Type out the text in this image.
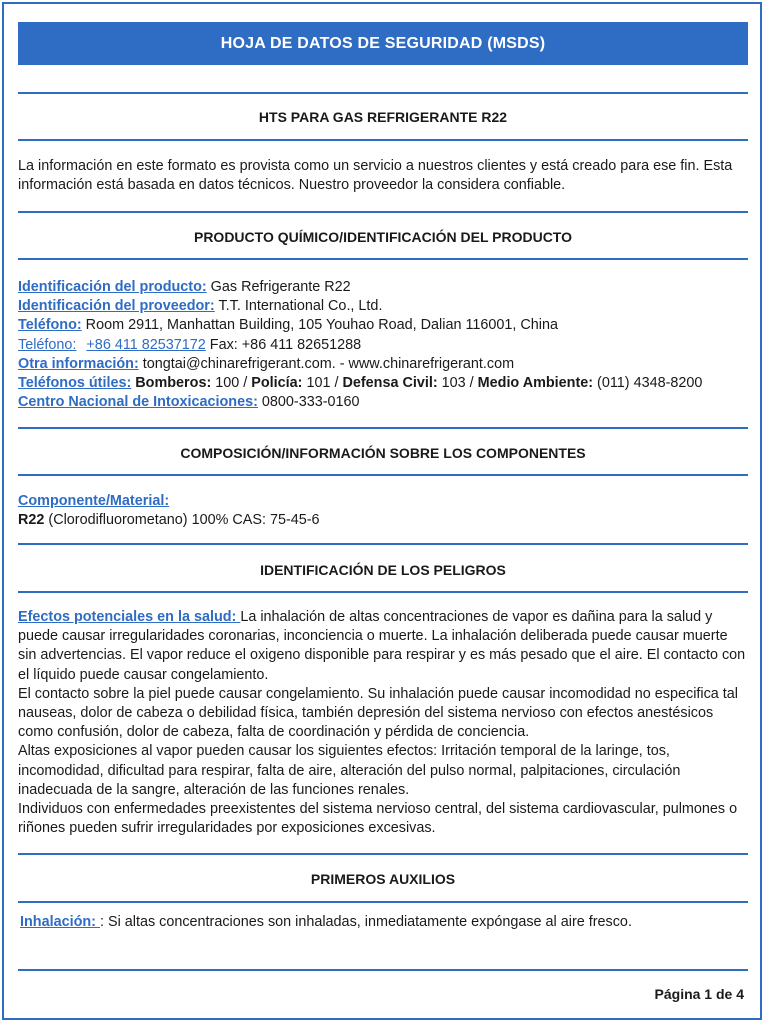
HOJA DE DATOS DE SEGURIDAD (MSDS)
HTS PARA GAS REFRIGERANTE R22

La información en este formato es provista como un servicio a nuestros clientes y está creado para ese fin. Esta información está basada en datos técnicos. Nuestro proveedor la considera confiable.

PRODUCTO QUÍMICO/IDENTIFICACIÓN DEL PRODUCTO

Identificación del producto: Gas Refrigerante R22

Identificación del proveedor: T.T. International Co., Ltd.

Teléfono: Room 2911, Manhattan Building, 105 Youhao Road, Dalian 116001, China

Teléfono: +86 411 82537172 Fax: +86 411 82651288

Otra información: tongtai@chinarefrigerant.com. - www.chinarefrigerant.com

Teléfonos útiles: Bomberos: 100 / Policía: 101 / Defensa Civil: 103 / Medio Ambiente: (011) 4348-8200

Centro Nacional de Intoxicaciones: 0800-333-0160

COMPOSICIÓN/INFORMACIÓN SOBRE LOS COMPONENTES

Componente/Material:

R22 (Clorodifluorometano) 100% CAS: 75-45-6

IDENTIFICACIÓN DE LOS PELIGROS

Efectos potenciales en la salud: La inhalación de altas concentraciones de vapor es dañina para la salud y puede causar irregularidades coronarias, inconciencia o muerte. La inhalación deliberada puede causar muerte sin advertencias. El vapor reduce el oxigeno disponible para respirar y es más pesado que el aire. El contacto con el líquido puede causar congelamiento.

El contacto sobre la piel puede causar congelamiento. Su inhalación puede causar incomodidad no especifica tal nauseas, dolor de cabeza o debilidad física, también depresión del sistema nervioso con efectos anestésicos como confusión, dolor de cabeza, falta de coordinación y pérdida de conciencia.

Altas exposiciones al vapor pueden causar los siguientes efectos: Irritación temporal de la laringe, tos, incomodidad, dificultad para respirar, falta de aire, alteración del pulso normal, palpitaciones, circulación inadecuada de la sangre, alteración de las funciones renales.

Individuos con enfermedades preexistentes del sistema nervioso central, del sistema cardiovascular, pulmones o riñones pueden sufrir irregularidades por exposiciones excesivas.

PRIMEROS AUXILIOS

Inhalación: : Si altas concentraciones son inhaladas, inmediatamente expóngase al aire fresco.

Página 1 de 4
